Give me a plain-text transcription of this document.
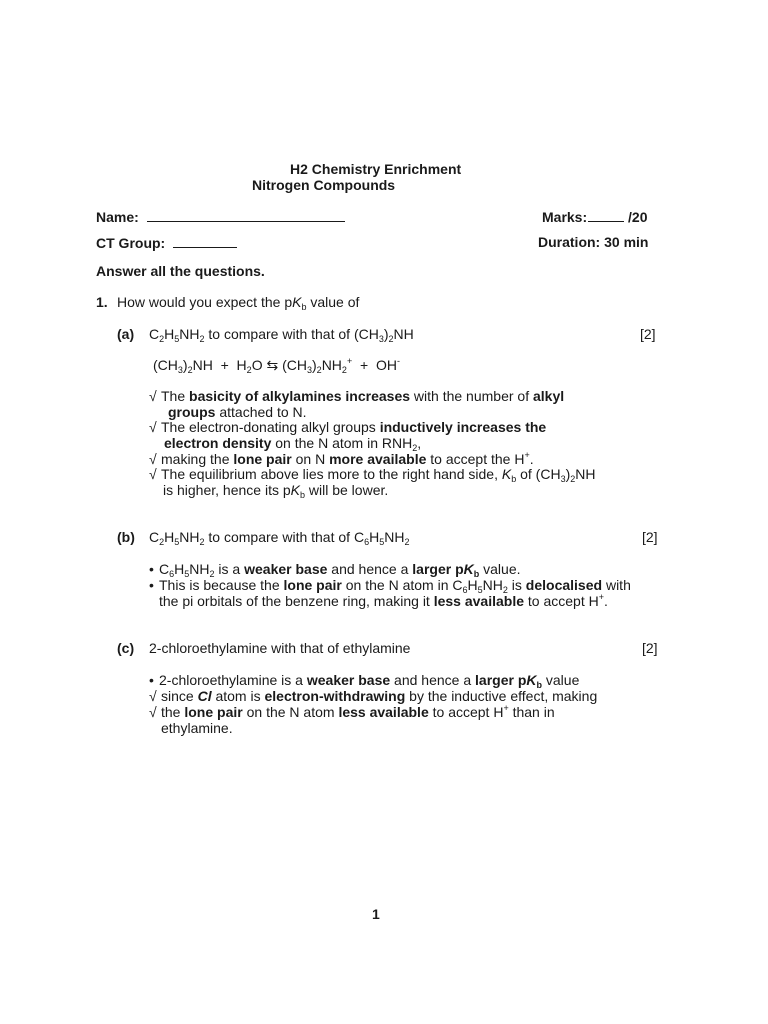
H2 Chemistry Enrichment
Nitrogen Compounds
Name:	Marks:	/20
CT Group:	Duration: 30 min
Answer all the questions.
1. How would you expect the $pK_b$ value of
(a) $C_2H_5NH_2$ to compare with that of $(CH_3)_2NH$	[2]
$(CH_3)_2NH + H_2O$ ⇆ $(CH_3)_2NH_2^+ + OH^-$
√ The basicity of alkylamines increases with the number of alkyl
groups attached to N.
√ The electron-donating alkyl groups inductively increases the
electron density on the N atom in $RNH_2$,
√ making the lone pair on N more available to accept the H+.
√ The equilibrium above lies more to the right hand side, $K_b$ of $(CH_3)_2NH$
is higher, hence its $pK_b$ will be lower.
(b) $C_2H_5NH_2$ to compare with that of $C_6H_5NH_2$	[2]
• $C_6H_5NH_2$ is a weaker base and hence a larger $pK_b$ value.
• This is because the lone pair on the N atom in $C_6H_5NH_2$ is delocalised with
the pi orbitals of the benzene ring, making it less available to accept H+.
(c) 2-chloroethylamine with that of ethylamine	[2]
• 2-chloroethylamine is a weaker base and hence a larger $pK_b$ value
√ since Cl atom is electron-withdrawing by the inductive effect, making
√ the lone pair on the N atom less available to accept H+ than in
ethylamine.
1
